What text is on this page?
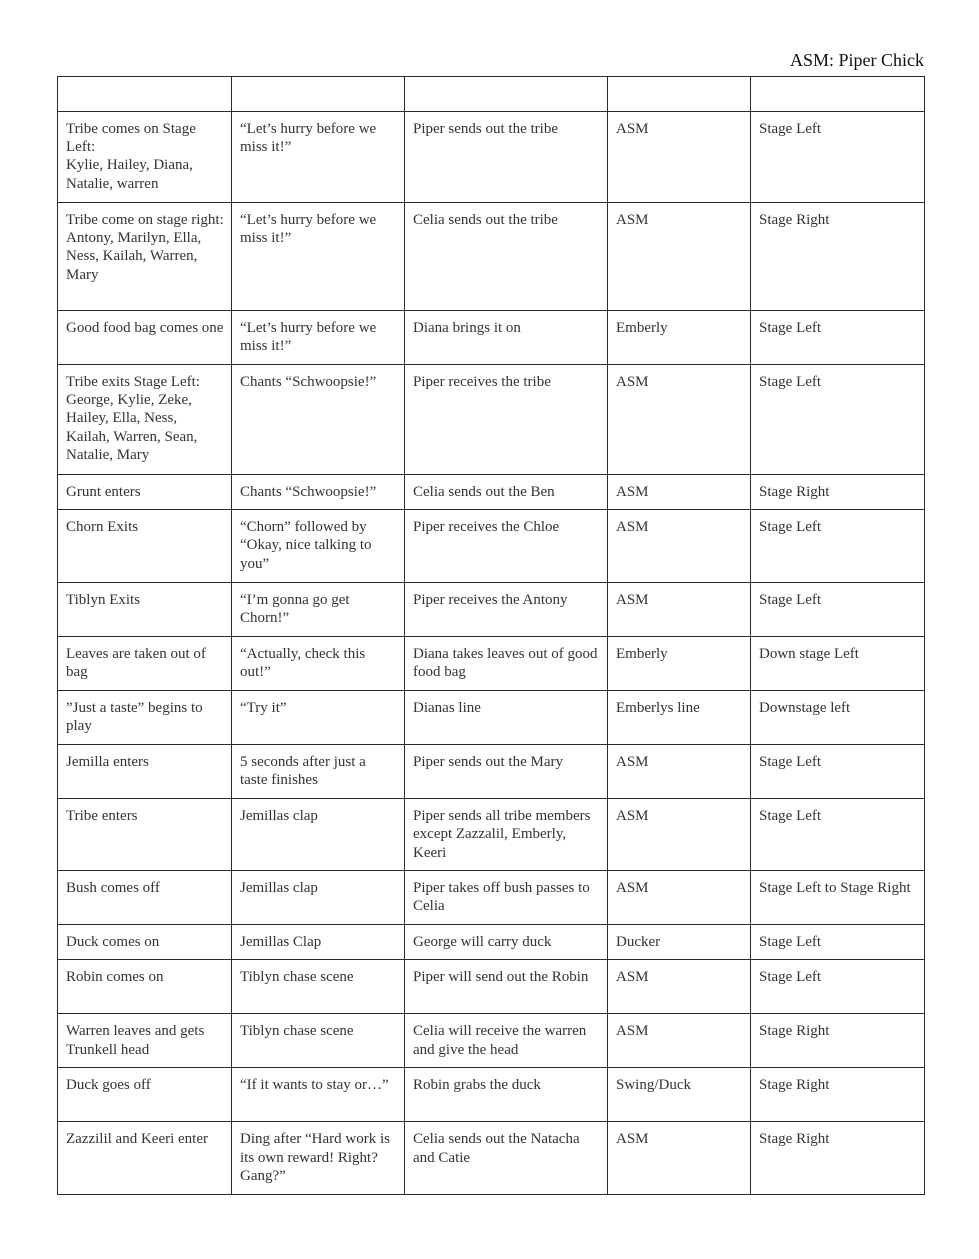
ASM: Piper Chick

Tribe comes on Stage Left:
Kylie, Hailey, Diana, Natalie, warren	“Let’s hurry before we miss it!”	Piper sends out the tribe	ASM	Stage Left
Tribe come on stage right:
Antony, Marilyn, Ella, Ness, Kailah, Warren, Mary	“Let’s hurry before we miss it!”	Celia sends out the tribe	ASM	Stage Right
Good food bag comes one	“Let’s hurry before we miss it!”	Diana brings it on	Emberly	Stage Left
Tribe exits Stage Left: George, Kylie, Zeke, Hailey, Ella, Ness, Kailah, Warren, Sean, Natalie, Mary	Chants “Schwoopsie!”	Piper receives the tribe	ASM	Stage Left
Grunt enters	Chants “Schwoopsie!”	Celia sends out the Ben	ASM	Stage Right
Chorn Exits	“Chorn” followed by “Okay, nice talking to you”	Piper receives the Chloe	ASM	Stage Left
Tiblyn Exits	“I’m gonna go get Chorn!”	Piper receives the Antony	ASM	Stage Left
Leaves are taken out of bag	“Actually, check this out!”	Diana takes leaves out of good food bag	Emberly	Down stage Left
”Just a taste” begins to play	“Try it”	Dianas line	Emberlys line	Downstage left
Jemilla enters	5 seconds after just a taste finishes	Piper sends out the Mary	ASM	Stage Left
Tribe enters	Jemillas clap	Piper sends all tribe members except Zazzalil, Emberly, Keeri	ASM	Stage Left
Bush comes off	Jemillas clap	Piper takes off bush passes to Celia	ASM	Stage Left to Stage Right
Duck comes on	Jemillas Clap	George will carry duck	Ducker	Stage Left
Robin comes on	Tiblyn chase scene	Piper will send out the Robin	ASM	Stage Left
Warren leaves and gets Trunkell head	Tiblyn chase scene	Celia will receive the warren and give the head	ASM	Stage Right
Duck goes off	“If it wants to stay or…”	Robin grabs the duck	Swing/Duck	Stage Right
Zazzilil and Keeri enter	Ding after “Hard work is its own reward! Right? Gang?”	Celia sends out the Natacha and Catie	ASM	Stage Right
